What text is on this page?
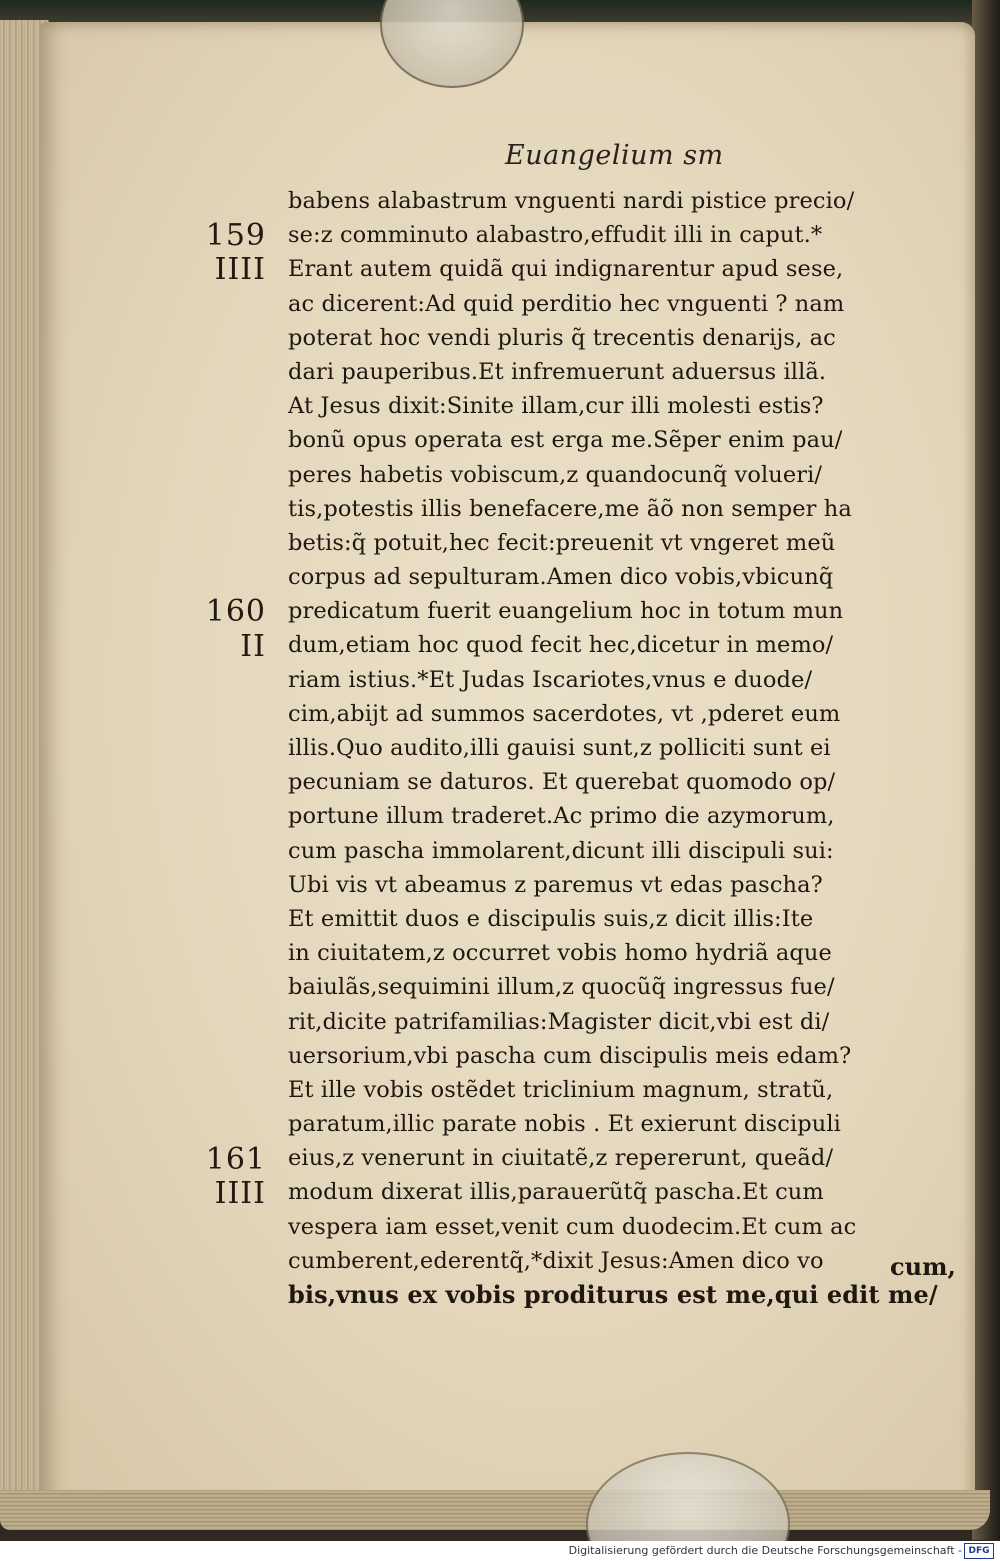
Euangelium sm
159
IIII
160
II
161
IIII
babens alabastrum vnguenti nardi pistice precio/
se:z comminuto alabastro,effudit illi in caput.*
Erant autem quidã qui indignarentur apud sese,
ac dicerent:Ad quid perditio hec vnguenti ? nam
poterat hoc vendi pluris q̃ trecentis denarijs, ac
dari pauperibus.Et infremuerunt aduersus illã.
At Jesus dixit:Sinite illam,cur illi molesti estis?
bonũ opus operata est erga me.Sẽper enim pau/
peres habetis vobiscum,z quandocunq̃ volueri/
tis,potestis illis benefacere,me ãõ non semper ha
betis:q̃ potuit,hec fecit:preuenit vt vngeret meũ
corpus ad sepulturam.Amen dico vobis,vbicunq̃
predicatum fuerit euangelium hoc in totum mun
dum,etiam hoc quod fecit hec,dicetur in memo/
riam istius.*Et Judas Iscariotes,vnus e duode/
cim,abijt ad summos sacerdotes, vt ,pderet eum
illis.Quo audito,illi gauisi sunt,z polliciti sunt ei
pecuniam se daturos. Et querebat quomodo op/
portune illum traderet.Ac primo die azymorum,
cum pascha immolarent,dicunt illi discipuli sui:
Ubi vis vt abeamus z paremus vt edas pascha?
Et emittit duos e discipulis suis,z dicit illis:Ite
in ciuitatem,z occurret vobis homo hydriã aque
baiulãs,sequimini illum,z quocũq̃ ingressus fue/
rit,dicite patrifamilias:Magister dicit,vbi est di/
uersorium,vbi pascha cum discipulis meis edam?
Et ille vobis ostẽdet triclinium magnum, stratũ,
paratum,illic parate nobis . Et exierunt discipuli
eius,z venerunt in ciuitatẽ,z repererunt, queãd/
modum dixerat illis,parauerũtq̃ pascha.Et cum
vespera iam esset,venit cum duodecim.Et cum ac
cumberent,ederentq̃,*dixit Jesus:Amen dico vo
bis,vnus ex vobis proditurus est me,qui edit me/
cum,
Digitalisierung gefördert durch die Deutsche Forschungsgemeinschaft - DFG
